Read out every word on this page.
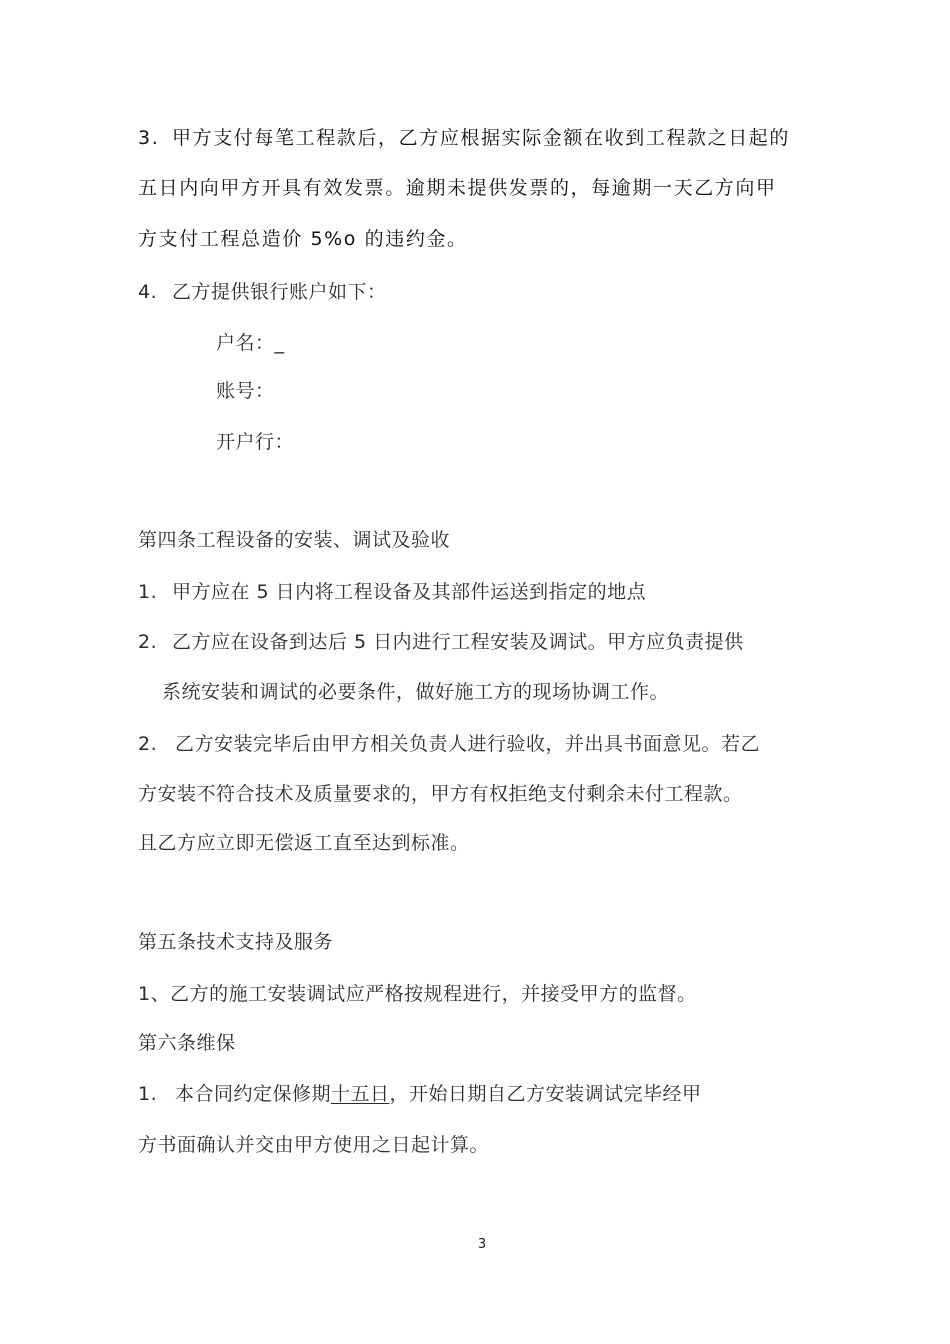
3. 甲方支付每笔工程款后，乙方应根据实际金额在收到工程款之日起的
五日内向甲方开具有效发票。逾期未提供发票的，每逾期一天乙方向甲
方支付工程总造价 5%o 的违约金。
4. 乙方提供银行账户如下：
户名：_
账号：
开户行：
第四条工程设备的安装、调试及验收
1. 甲方应在 5 日内将工程设备及其部件运送到指定的地点
2. 乙方应在设备到达后 5 日内进行工程安装及调试。甲方应负责提供
系统安装和调试的必要条件，做好施工方的现场协调工作。
2. 乙方安装完毕后由甲方相关负责人进行验收，并出具书面意见。若乙
方安装不符合技术及质量要求的，甲方有权拒绝支付剩余未付工程款。
且乙方应立即无偿返工直至达到标准。
第五条技术支持及服务
1、乙方的施工安装调试应严格按规程进行，并接受甲方的监督。
第六条维保
1. 本合同约定保修期十五日，开始日期自乙方安装调试完毕经甲
方书面确认并交由甲方使用之日起计算。
3
